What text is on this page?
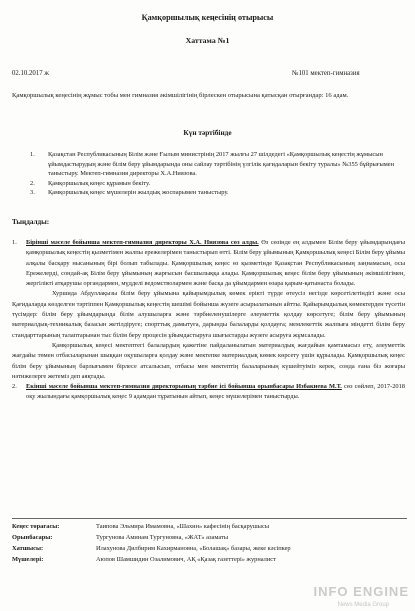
Қамқоршылық кеңесінің отырысы
Хаттама №1
02.10.2017 ж	№101 мектеп-гимназия
Қамқоршылық кеңесінің жұмыс тобы мен гимназия әкімшілігінің бірлескен отырысына қатысқан отырғандар: 16 адам.
Күн тәртібінде
1.	Қазақстан Республикасының Білім және Ғылым министрінің 2017 жылғы 27 шілдедегі «Қамқоршылық кеңестің жұмысын ұйымдастырудың және білім беру ұйымдарында оны сайлау тәртібінің үлгілік қағидаларын бекіту туралы» №355 бұйрығымен таныстыру. Мектеп-гимназия директоры Х.А.Ниязова.
2.	Қамқоршылық кеңес құрамын бекіту.
3.	Қамқоршылық кеңес мүшелерін жылдық жоспарымен таныстыру.
Тыңдалды:
1.	Бірінші мәселе бойынша мектеп-гимназия директоры Х.А. Ниязова сөз алды. Өз сөзінде ең алдымен Білім беру ұйымдарындағы қамқоршылық кеңестің қызметімен жалпы ережелерімен таныстырып өтті. Білім беру ұйымының Қамқоршылық кеңесі Білім беру ұйымы алқалы басқару нысанының бірі болып табылады. Қамқоршылық кеңес өз қызметінде Қазақстан Республикасының заңнамасын, осы Ережелерді, сондай-ақ Білім беру ұйымының жарғысын басшылыққа алады. Қамқоршылық кеңес білім беру ұйымының әкімшілігімен, жергілікті атқарушы органдармен, мүдделі ведомстволармен және басқа да ұйымдармен өзара қарым-қатынаста болады.

Хуршида Абдуллақызы білім беру ұйымына қайырымдылық көмек ерікті түрде өтеусіз негізде көрсетілетіндігі және осы Қағидаларда көзделген тәртіппен Қамқоршылық кеңестің шешімі бойынша жүзеге асырылатынын айтты. Қайырымдылық көмектерден түсетін түсімдер: білім беру ұйымдарында білім алушыларға және тәрбиеленушілерге әлеуметтік қолдау көрсетуге; білім беру ұйымының материалдық-техникалық базасын жетілдіруге; спорттық дамытуға, дарынды балаларды қолдауға; мемлекеттік жалпыға міндетті білім беру стандарттарының талаптарынан тыс білім беру процесін ұйымдастыруға шығыстарды жүзеге асыруға жұмсалады.

Қамқоршылық кеңесі мектептегі балалардың қажетіне пайдаланылатын материалдық жағдайын қамтамасыз ету, әлеуметтік жағдайы төмен отбасыларынан шыққан оқушыларға қолдау және мектепке материалдық көмек көрсету үшін құрылады. Қамқоршылық кеңес білім беру ұйымының барлығымен бірлесе атсалысып, отбасы мен мектептің балаларының күшейтуіміз керек, сонда ғана біз жоғары нәтижелерге жетеміз деп аяқтады.

2.	Екінші мәселе бойынша мектеп-гимназия директорының тәрбие ісі бойынша орынбасары Избакиева М.Т. сөз сөйлеп, 2017-2018 оқу жылындағы қамқоршылық кеңес 9 адамдан тұратынын айтып, кеңес мүшелерімен таныстырды.

Кеңес төрағасы:	Таипова Эльмира Имамовна, «Шахин» кафесінің басқарушысы
Орынбасары:	Тургунова Аминам Тургуновна, «ЖАТ» азаматы
Хатшысы:	Илахунова Дилбирим Кахирмановна, «Болашақ» базары, жеке кәсіпкер
Мүшелері:	Аюпов Шамшидин Озалимович, АҚ «Қазақ газеттері» журналист
INFO ENGINE
News Media Group
